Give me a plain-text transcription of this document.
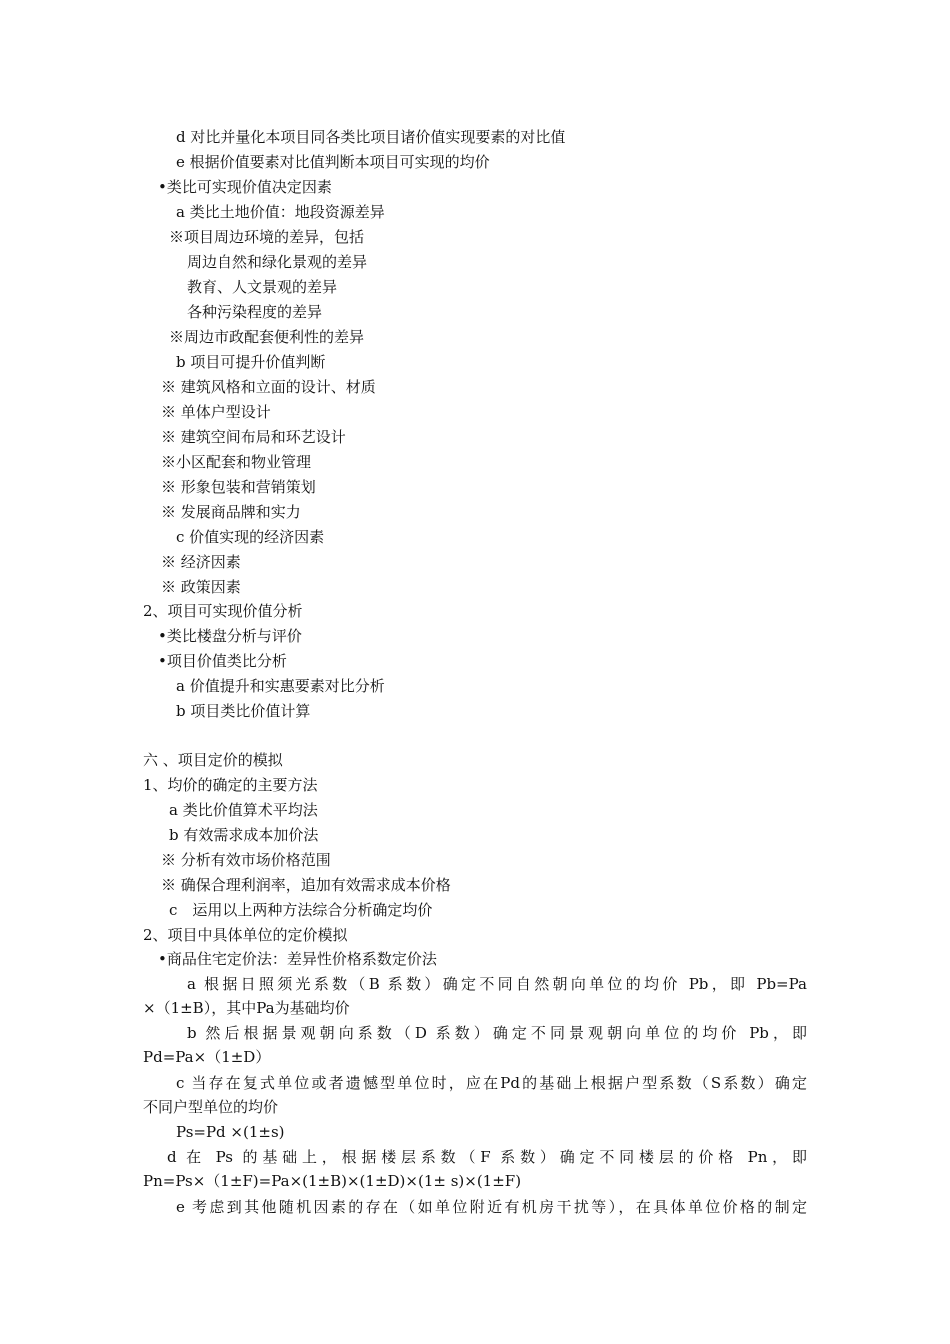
d 对比并量化本项目同各类比项目诸价值实现要素的对比值
e 根据价值要素对比值判断本项目可实现的均价
•类比可实现价值决定因素
a 类比土地价值：地段资源差异
※项目周边环境的差异，包括
周边自然和绿化景观的差异
教育、人文景观的差异
各种污染程度的差异
※周边市政配套便利性的差异
b 项目可提升价值判断
※ 建筑风格和立面的设计、材质
※ 单体户型设计
※ 建筑空间布局和环艺设计
※小区配套和物业管理
※ 形象包装和营销策划
※ 发展商品牌和实力
c 价值实现的经济因素
※ 经济因素
※ 政策因素
2、项目可实现价值分析
•类比楼盘分析与评价
•项目价值类比分析
a 价值提升和实惠要素对比分析
b 项目类比价值计算
六 、项目定价的模拟
1、均价的确定的主要方法
a 类比价值算术平均法
b 有效需求成本加价法
※ 分析有效市场价格范围
※ 确保合理利润率，追加有效需求成本价格
c　运用以上两种方法综合分析确定均价
2、项目中具体单位的定价模拟
•商品住宅定价法：差异性价格系数定价法
a 根据日照须光系数（B 系数）确定不同自然朝向单位的均价 Pb，即 Pb=Pa
×（1±B），其中Pa为基础均价
b 然后根据景观朝向系数（D 系数）确定不同景观朝向单位的均价 Pb，即
Pd=Pa×（1±D）
c 当存在复式单位或者遗憾型单位时，应在Pd的基础上根据户型系数（S系数）确定
不同户型单位的均价
Ps=Pd ×(1±s)
d 在 Ps 的基础上，根据楼层系数（F 系数）确定不同楼层的价格 Pn，即
Pn=Ps×（1±F)=Pa×(1±B)×(1±D)×(1± s)×(1±F)
e 考虑到其他随机因素的存在（如单位附近有机房干扰等），在具体单位价格的制定
